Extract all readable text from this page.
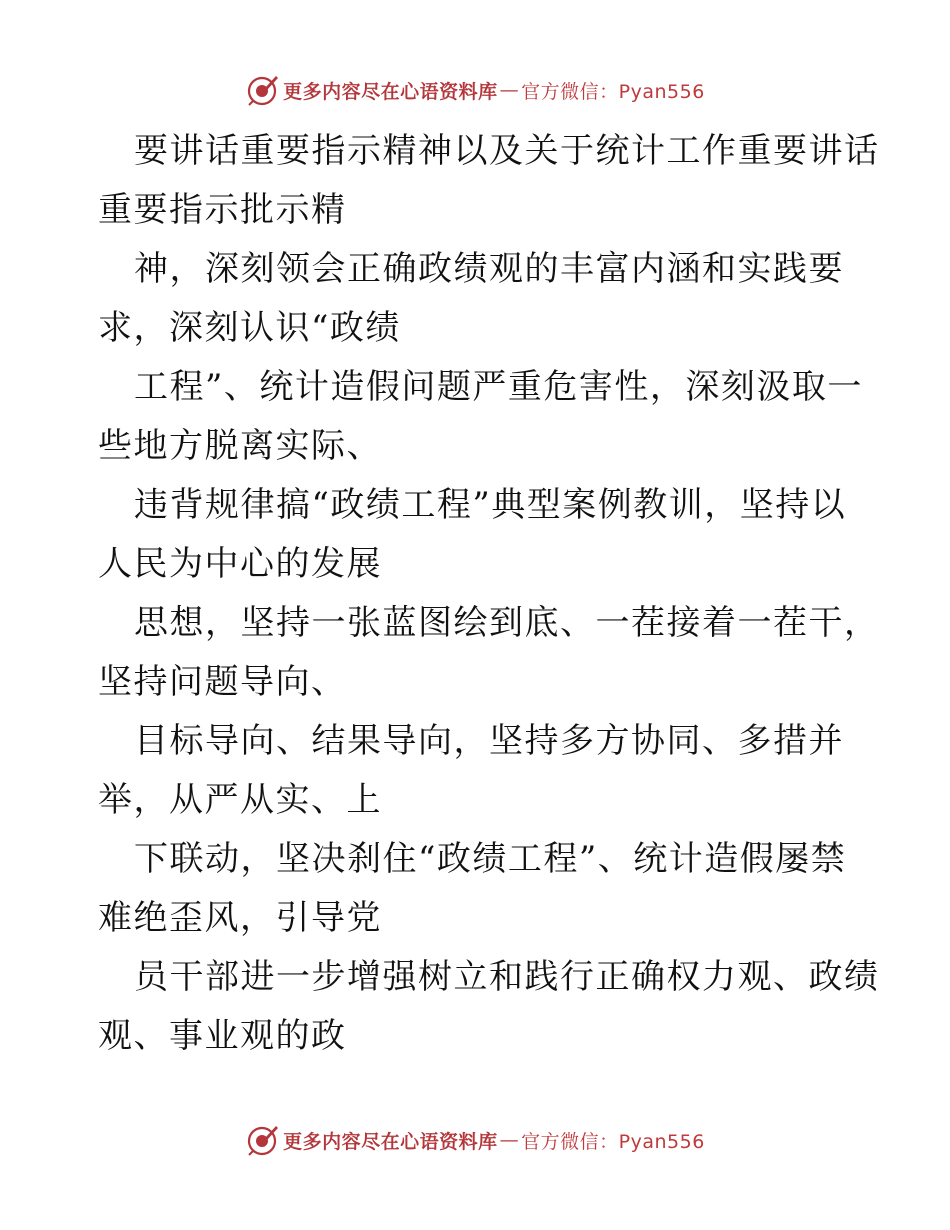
更多内容尽在心语资料库 — 官方微信：Pyan556
要讲话重要指示精神以及关于统计工作重要讲话
重要指示批示精
神，深刻领会正确政绩观的丰富内涵和实践要
求，深刻认识“政绩
工程”、统计造假问题严重危害性，深刻汲取一
些地方脱离实际、
违背规律搞“政绩工程”典型案例教训，坚持以
人民为中心的发展
思想，坚持一张蓝图绘到底、一茬接着一茬干，
坚持问题导向、
目标导向、结果导向，坚持多方协同、多措并
举，从严从实、上
下联动，坚决刹住“政绩工程”、统计造假屡禁
难绝歪风，引导党
员干部进一步增强树立和践行正确权力观、政绩
观、事业观的政
更多内容尽在心语资料库 — 官方微信：Pyan556
